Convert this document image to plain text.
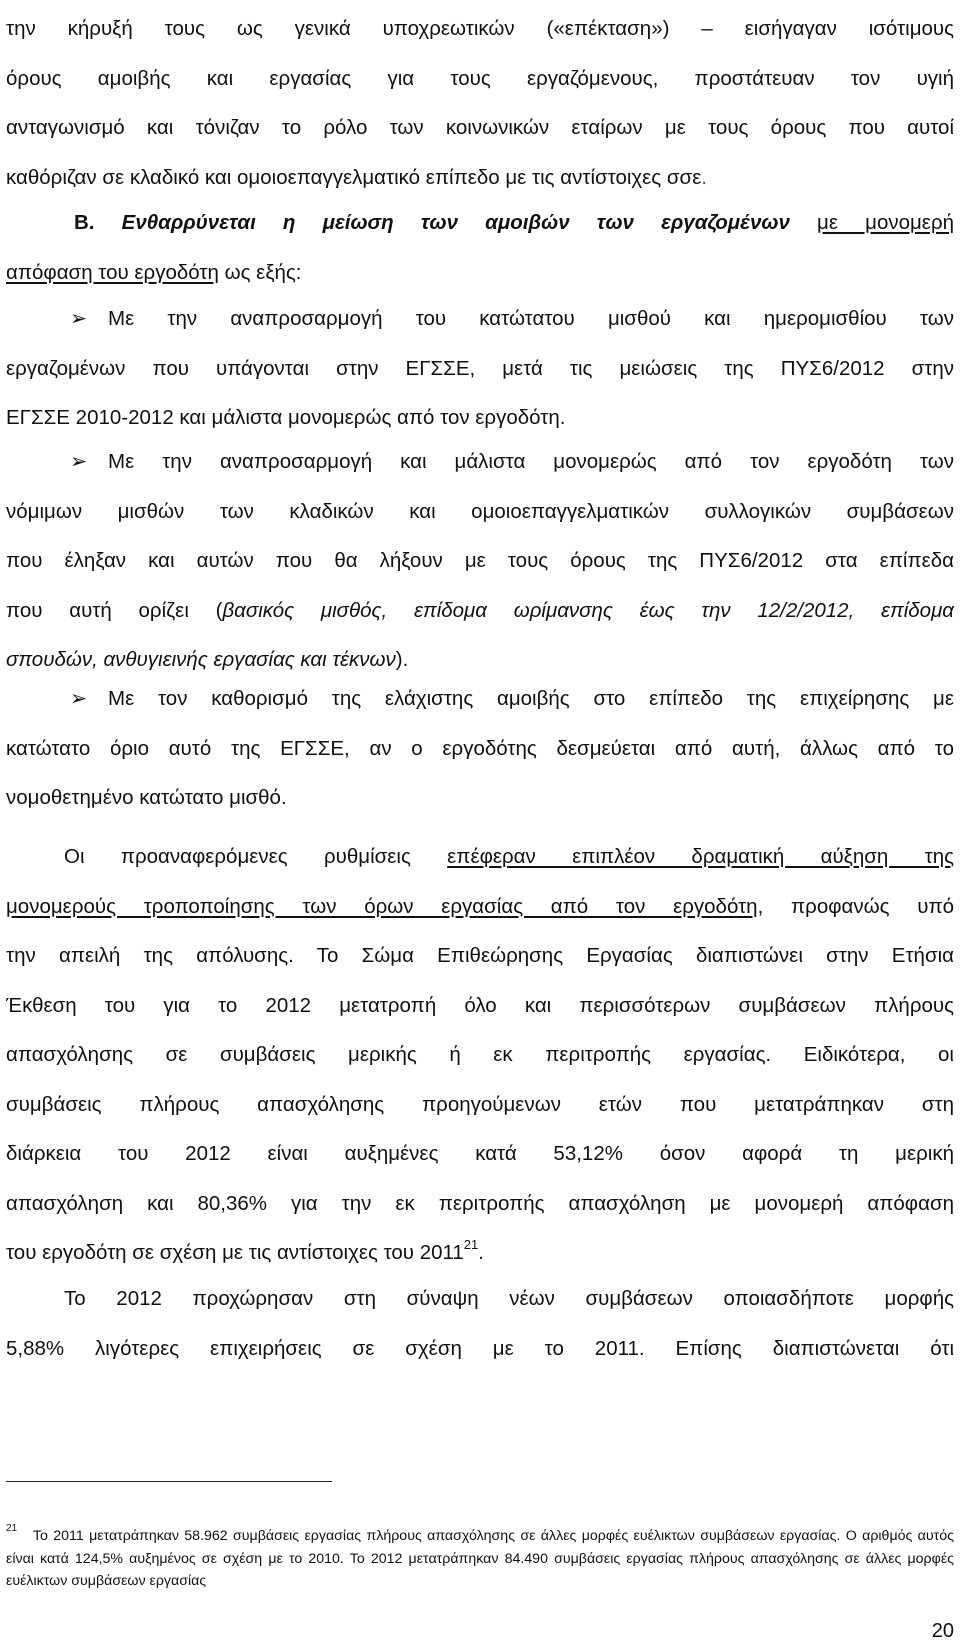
την κήρυξή τους ως γενικά υποχρεωτικών («επέκταση») – εισήγαγαν ισότιμους
όρους αμοιβής και εργασίας για τους εργαζόμενους, προστάτευαν τον υγιή
ανταγωνισμό και τόνιζαν το ρόλο των κοινωνικών εταίρων με τους όρους που αυτοί
καθόριζαν σε κλαδικό και ομοιοεπαγγελματικό επίπεδο με τις αντίστοιχες σσε.
Β. Ενθαρρύνεται η μείωση των αμοιβών των εργαζομένων με μονομερή
απόφαση του εργοδότη ως εξής:
➢ Με την αναπροσαρμογή του κατώτατου μισθού και ημερομισθίου των
εργαζομένων που υπάγονται στην ΕΓΣΣΕ, μετά τις μειώσεις της ΠΥΣ6/2012 στην
ΕΓΣΣΕ 2010-2012 και μάλιστα μονομερώς από τον εργοδότη.
➢ Με την αναπροσαρμογή και μάλιστα μονομερώς από τον εργοδότη των
νόμιμων μισθών των κλαδικών και ομοιοεπαγγελματικών συλλογικών συμβάσεων
που έληξαν και αυτών που θα λήξουν με τους όρους της ΠΥΣ6/2012 στα επίπεδα
που αυτή ορίζει (βασικός μισθός, επίδομα ωρίμανσης έως την 12/2/2012, επίδομα
σπουδών, ανθυγιεινής εργασίας και τέκνων).
➢ Με τον καθορισμό της ελάχιστης αμοιβής στο επίπεδο της επιχείρησης με
κατώτατο όριο αυτό της ΕΓΣΣΕ, αν ο εργοδότης δεσμεύεται από αυτή, άλλως από το
νομοθετημένο κατώτατο μισθό.
Οι προαναφερόμενες ρυθμίσεις επέφεραν επιπλέον δραματική αύξηση της
μονομερούς τροποποίησης των όρων εργασίας από τον εργοδότη, προφανώς υπό
την απειλή της απόλυσης. Το Σώμα Επιθεώρησης Εργασίας διαπιστώνει στην Ετήσια
Έκθεση του για το 2012 μετατροπή όλο και περισσότερων συμβάσεων πλήρους
απασχόλησης σε συμβάσεις μερικής ή εκ περιτροπής εργασίας. Ειδικότερα, οι
συμβάσεις πλήρους απασχόλησης προηγούμενων ετών που μετατράπηκαν στη
διάρκεια του 2012 είναι αυξημένες κατά 53,12% όσον αφορά τη μερική
απασχόληση και 80,36% για την εκ περιτροπής απασχόληση με μονομερή απόφαση
του εργοδότη σε σχέση με τις αντίστοιχες του 2011$^{21}$.
Το 2012 προχώρησαν στη σύναψη νέων συμβάσεων οποιασδήποτε μορφής
5,88% λιγότερες επιχειρήσεις σε σχέση με το 2011. Επίσης διαπιστώνεται ότι

$^{21}$ Το 2011 μετατράπηκαν 58.962 συμβάσεις εργασίας πλήρους απασχόλησης σε άλλες μορφές ευέλικτων συμβάσεων εργασίας. Ο αριθμός αυτός είναι κατά 124,5% αυξημένος σε σχέση με το 2010. Το 2012 μετατράπηκαν 84.490 συμβάσεις εργασίας πλήρους απασχόλησης σε άλλες μορφές ευέλικτων συμβάσεων εργασίας

20
